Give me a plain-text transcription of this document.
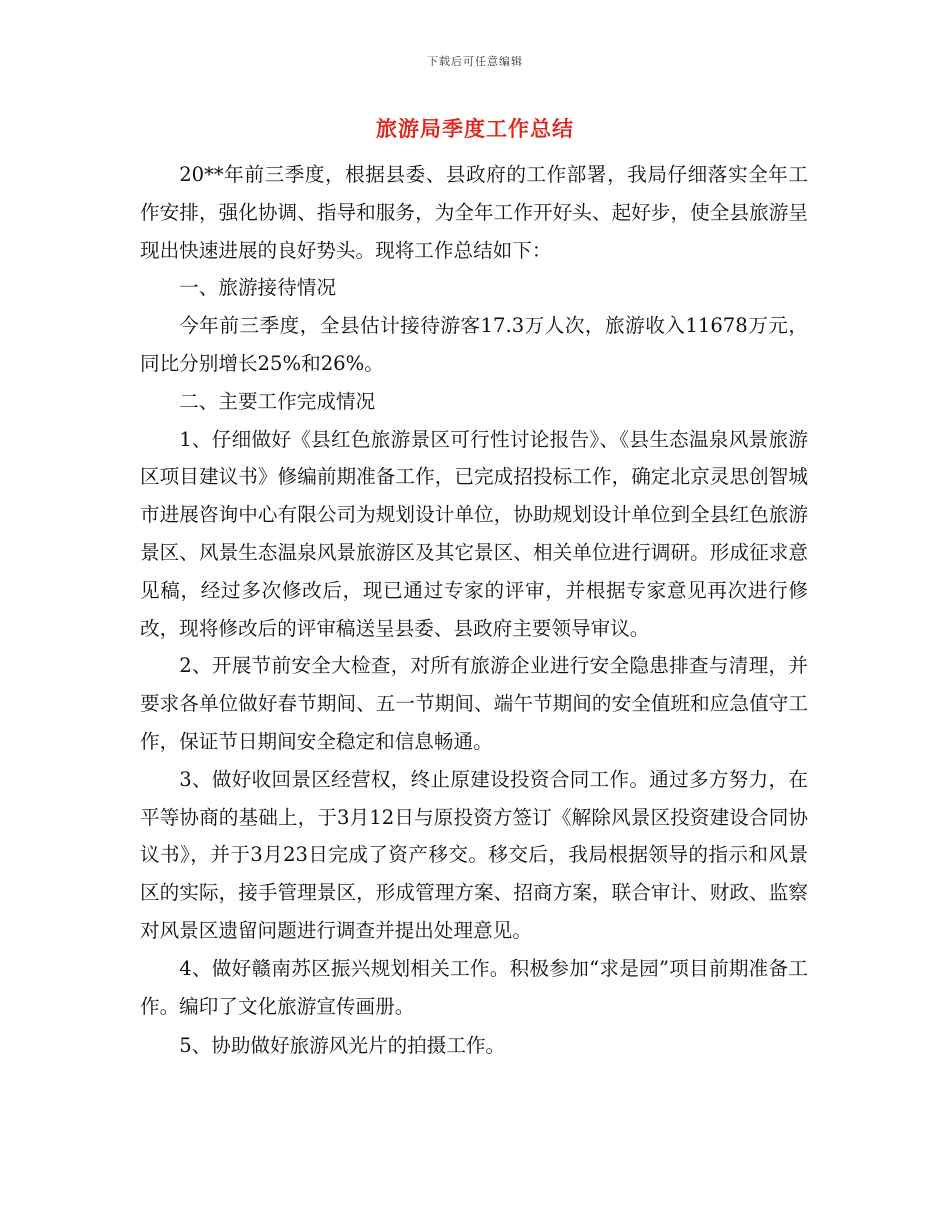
下载后可任意编辑
旅游局季度工作总结

20**年前三季度，根据县委、县政府的工作部署，我局仔细落实全年工作安排，强化协调、指导和服务，为全年工作开好头、起好步，使全县旅游呈现出快速进展的良好势头。现将工作总结如下：

一、旅游接待情况

今年前三季度，全县估计接待游客17.3万人次，旅游收入11678万元，同比分别增长25%和26%。

二、主要工作完成情况

1、仔细做好《县红色旅游景区可行性讨论报告》、《县生态温泉风景旅游区项目建议书》修编前期准备工作，已完成招投标工作，确定北京灵思创智城市进展咨询中心有限公司为规划设计单位，协助规划设计单位到全县红色旅游景区、风景生态温泉风景旅游区及其它景区、相关单位进行调研。形成征求意见稿，经过多次修改后，现已通过专家的评审，并根据专家意见再次进行修改，现将修改后的评审稿送呈县委、县政府主要领导审议。

2、开展节前安全大检查，对所有旅游企业进行安全隐患排查与清理，并要求各单位做好春节期间、五一节期间、端午节期间的安全值班和应急值守工作，保证节日期间安全稳定和信息畅通。

3、做好收回景区经营权，终止原建设投资合同工作。通过多方努力，在平等协商的基础上，于3月12日与原投资方签订《解除风景区投资建设合同协议书》，并于3月23日完成了资产移交。移交后，我局根据领导的指示和风景区的实际，接手管理景区，形成管理方案、招商方案，联合审计、财政、监察对风景区遗留问题进行调查并提出处理意见。

4、做好赣南苏区振兴规划相关工作。积极参加“求是园”项目前期准备工作。编印了文化旅游宣传画册。

5、协助做好旅游风光片的拍摄工作。
